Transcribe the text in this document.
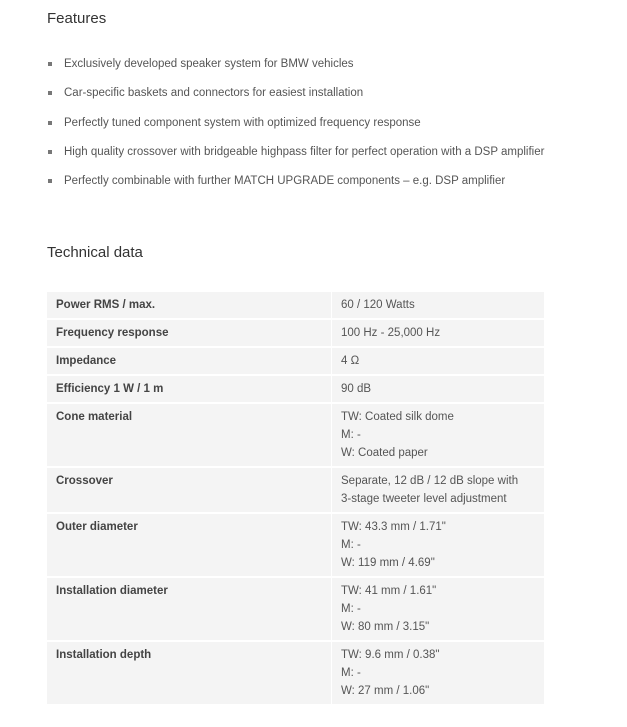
Features
Exclusively developed speaker system for BMW vehicles
Car-specific baskets and connectors for easiest installation
Perfectly tuned component system with optimized frequency response
High quality crossover with bridgeable highpass filter for perfect operation with a DSP amplifier
Perfectly combinable with further MATCH UPGRADE components – e.g. DSP amplifier
Technical data
Power RMS / max.	60 / 120 Watts

Frequency response	100 Hz - 25,000 Hz

Impedance	4 Ω

Efficiency 1 W / 1 m	90 dB

Cone material	TW: Coated silk dome
M: -
W: Coated paper

Crossover	Separate, 12 dB / 12 dB slope with
3-stage tweeter level adjustment

Outer diameter	TW: 43.3 mm / 1.71"
M: -
W: 119 mm / 4.69"

Installation diameter	TW: 41 mm / 1.61"
M: -
W: 80 mm / 3.15"

Installation depth	TW: 9.6 mm / 0.38"
M: -
W: 27 mm / 1.06"
